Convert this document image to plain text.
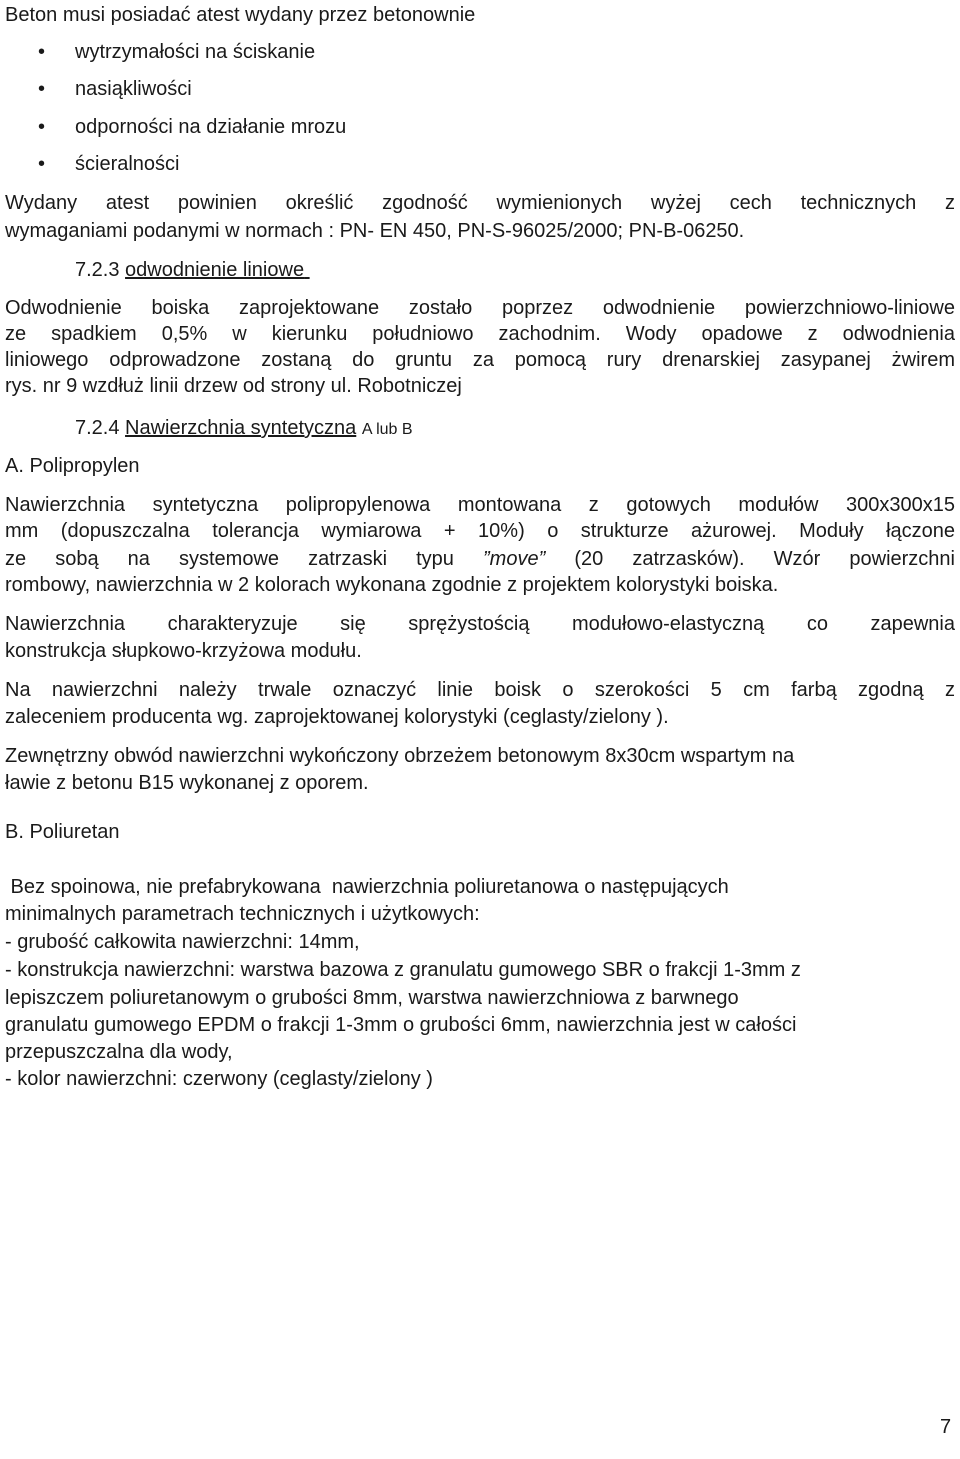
Beton musi posiadać atest wydany przez betonownie
• wytrzymałości na ściskanie
• nasiąkliwości
• odporności na działanie mrozu
• ścieralności
Wydany atest powinien określić zgodność wymienionych wyżej cech technicznych z
wymaganiami podanymi w normach : PN- EN 450, PN-S-96025/2000; PN-B-06250.
7.2.3 odwodnienie liniowe
Odwodnienie boiska zaprojektowane zostało poprzez odwodnienie powierzchniowo-liniowe
ze spadkiem 0,5% w kierunku południowo zachodnim. Wody opadowe z odwodnienia
liniowego odprowadzone zostaną do gruntu za pomocą rury drenarskiej zasypanej żwirem
rys. nr 9 wzdłuż linii drzew od strony ul. Robotniczej
7.2.4 Nawierzchnia syntetyczna A lub B
A. Polipropylen
Nawierzchnia syntetyczna polipropylenowa montowana z gotowych modułów 300x300x15
mm (dopuszczalna tolerancja wymiarowa + 10%) o strukturze ażurowej. Moduły łączone
ze sobą na systemowe zatrzaski typu ”move” (20 zatrzasków). Wzór powierzchni
rombowy, nawierzchnia w 2 kolorach wykonana zgodnie z projektem kolorystyki boiska.
Nawierzchnia charakteryzuje się sprężystością modułowo-elastyczną co zapewnia
konstrukcja słupkowo-krzyżowa modułu.
Na nawierzchni należy trwale oznaczyć linie boisk o szerokości 5 cm farbą zgodną z
zaleceniem producenta wg. zaprojektowanej kolorystyki (ceglasty/zielony ).
Zewnętrzny obwód nawierzchni wykończony obrzeżem betonowym 8x30cm wspartym na
ławie z betonu B15 wykonanej z oporem.
B. Poliuretan
Bez spoinowa, nie prefabrykowana  nawierzchnia poliuretanowa o następujących
minimalnych parametrach technicznych i użytkowych:
- grubość całkowita nawierzchni: 14mm,
- konstrukcja nawierzchni: warstwa bazowa z granulatu gumowego SBR o frakcji 1-3mm z
lepiszczem poliuretanowym o grubości 8mm, warstwa nawierzchniowa z barwnego
granulatu gumowego EPDM o frakcji 1-3mm o grubości 6mm, nawierzchnia jest w całości
przepuszczalna dla wody,
- kolor nawierzchni: czerwony (ceglasty/zielony )
7
